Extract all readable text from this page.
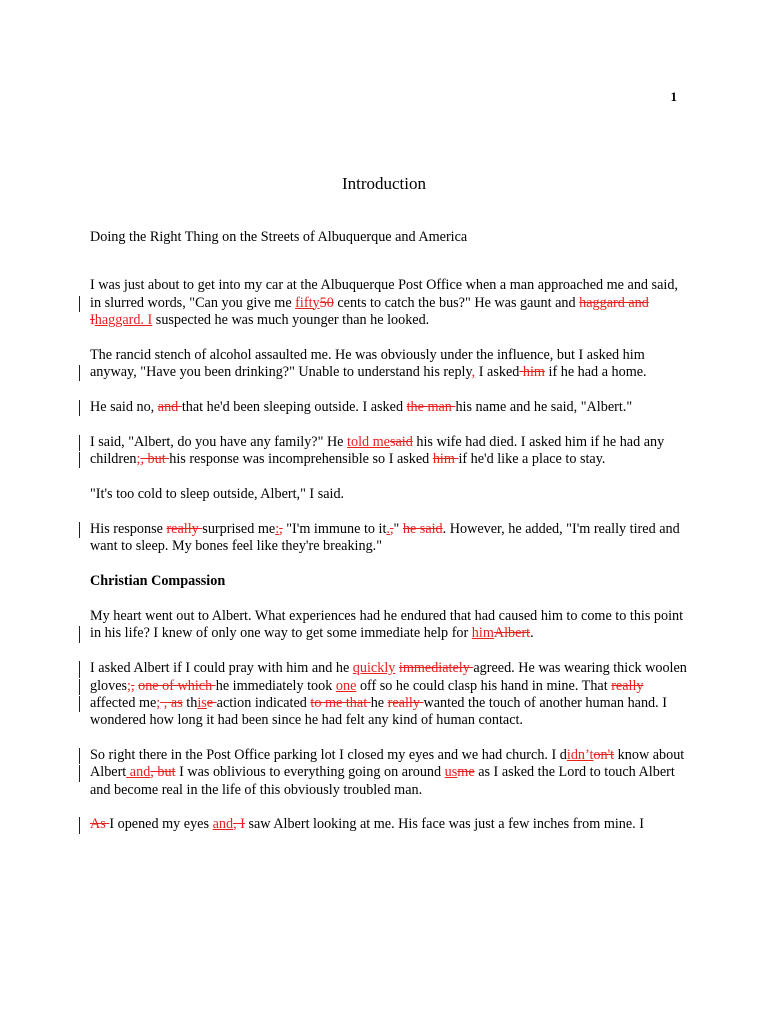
1
Introduction

Doing the Right Thing on the Streets of Albuquerque and America

I was just about to get into my car at the Albuquerque Post Office when a man approached me and said, in slurred words, "Can you give me fifty50 cents to catch the bus?" He was gaunt and haggard and Ihaggard. I suspected he was much younger than he looked.

The rancid stench of alcohol assaulted me. He was obviously under the influence, but I asked him anyway, "Have you been drinking?" Unable to understand his reply, I asked him if he had a home.

He said no, and that he'd been sleeping outside. I asked the man his name and he said, "Albert."

I said, "Albert, do you have any family?" He told mesaid his wife had died. I asked him if he had any children;, but his response was incomprehensible so I asked him if he'd like a place to stay.

"It's too cold to sleep outside, Albert," I said.

His response really surprised me:, "I'm immune to it.," he said. However, he added, "I'm really tired and want to sleep. My bones feel like they're breaking."

Christian Compassion

My heart went out to Albert. What experiences had he endured that had caused him to come to this point in his life? I knew of only one way to get some immediate help for himAlbert.

I asked Albert if I could pray with him and he quickly immediately agreed. He was wearing thick woolen gloves;, one of which he immediately took one off so he could clasp his hand in mine. That really affected me; , as thise action indicated to me that he really wanted the touch of another human hand. I wondered how long it had been since he had felt any kind of human contact.

So right there in the Post Office parking lot I closed my eyes and we had church. I didn’ton't know about Albert and, but I was oblivious to everything going on around usme as I asked the Lord to touch Albert and become real in the life of this obviously troubled man.

As I opened my eyes and, I saw Albert looking at me. His face was just a few inches from mine. I
